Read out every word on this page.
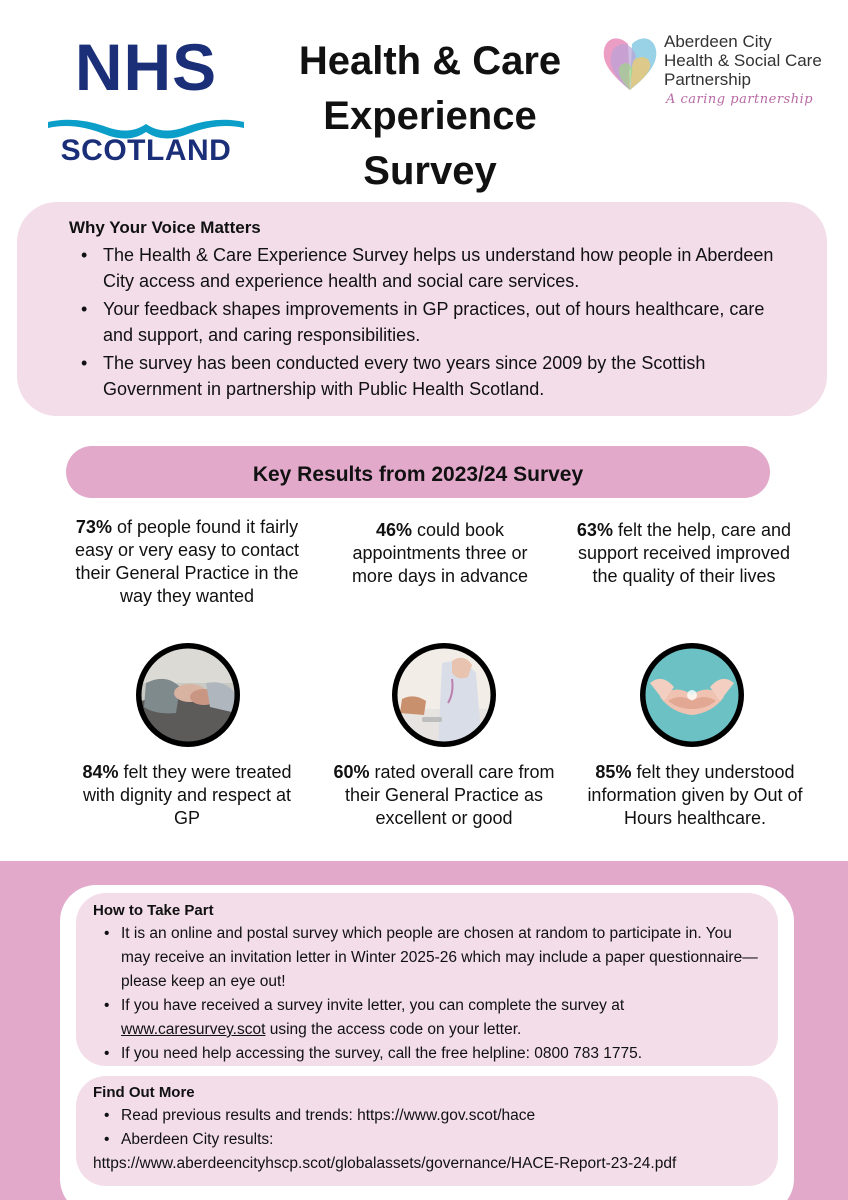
NHS
SCOTLAND
Health & Care
Experience
Survey
Aberdeen City
Health & Social Care
Partnership
A caring partnership
Why Your Voice Matters
• The Health & Care Experience Survey helps us understand how people in Aberdeen City access and experience health and social care services.
• Your feedback shapes improvements in GP practices, out of hours healthcare, care and support, and caring responsibilities.
• The survey has been conducted every two years since 2009 by the Scottish Government in partnership with Public Health Scotland.
Key Results from 2023/24 Survey
73% of people found it fairly easy or very easy to contact their General Practice in the way they wanted
46% could book appointments three or more days in advance
63% felt the help, care and support received improved the quality of their lives
84% felt they were treated with dignity and respect at GP
60% rated overall care from their General Practice as excellent or good
85% felt they understood information given by Out of Hours healthcare.
How to Take Part
• It is an online and postal survey which people are chosen at random to participate in. You may receive an invitation letter in Winter 2025-26 which may include a paper questionnaire— please keep an eye out!
• If you have received a survey invite letter, you can complete the survey at www.caresurvey.scot using the access code on your letter.
• If you need help accessing the survey, call the free helpline: 0800 783 1775.
Find Out More
• Read previous results and trends: https://www.gov.scot/hace
• Aberdeen City results:
https://www.aberdeencityhscp.scot/globalassets/governance/HACE-Report-23-24.pdf
